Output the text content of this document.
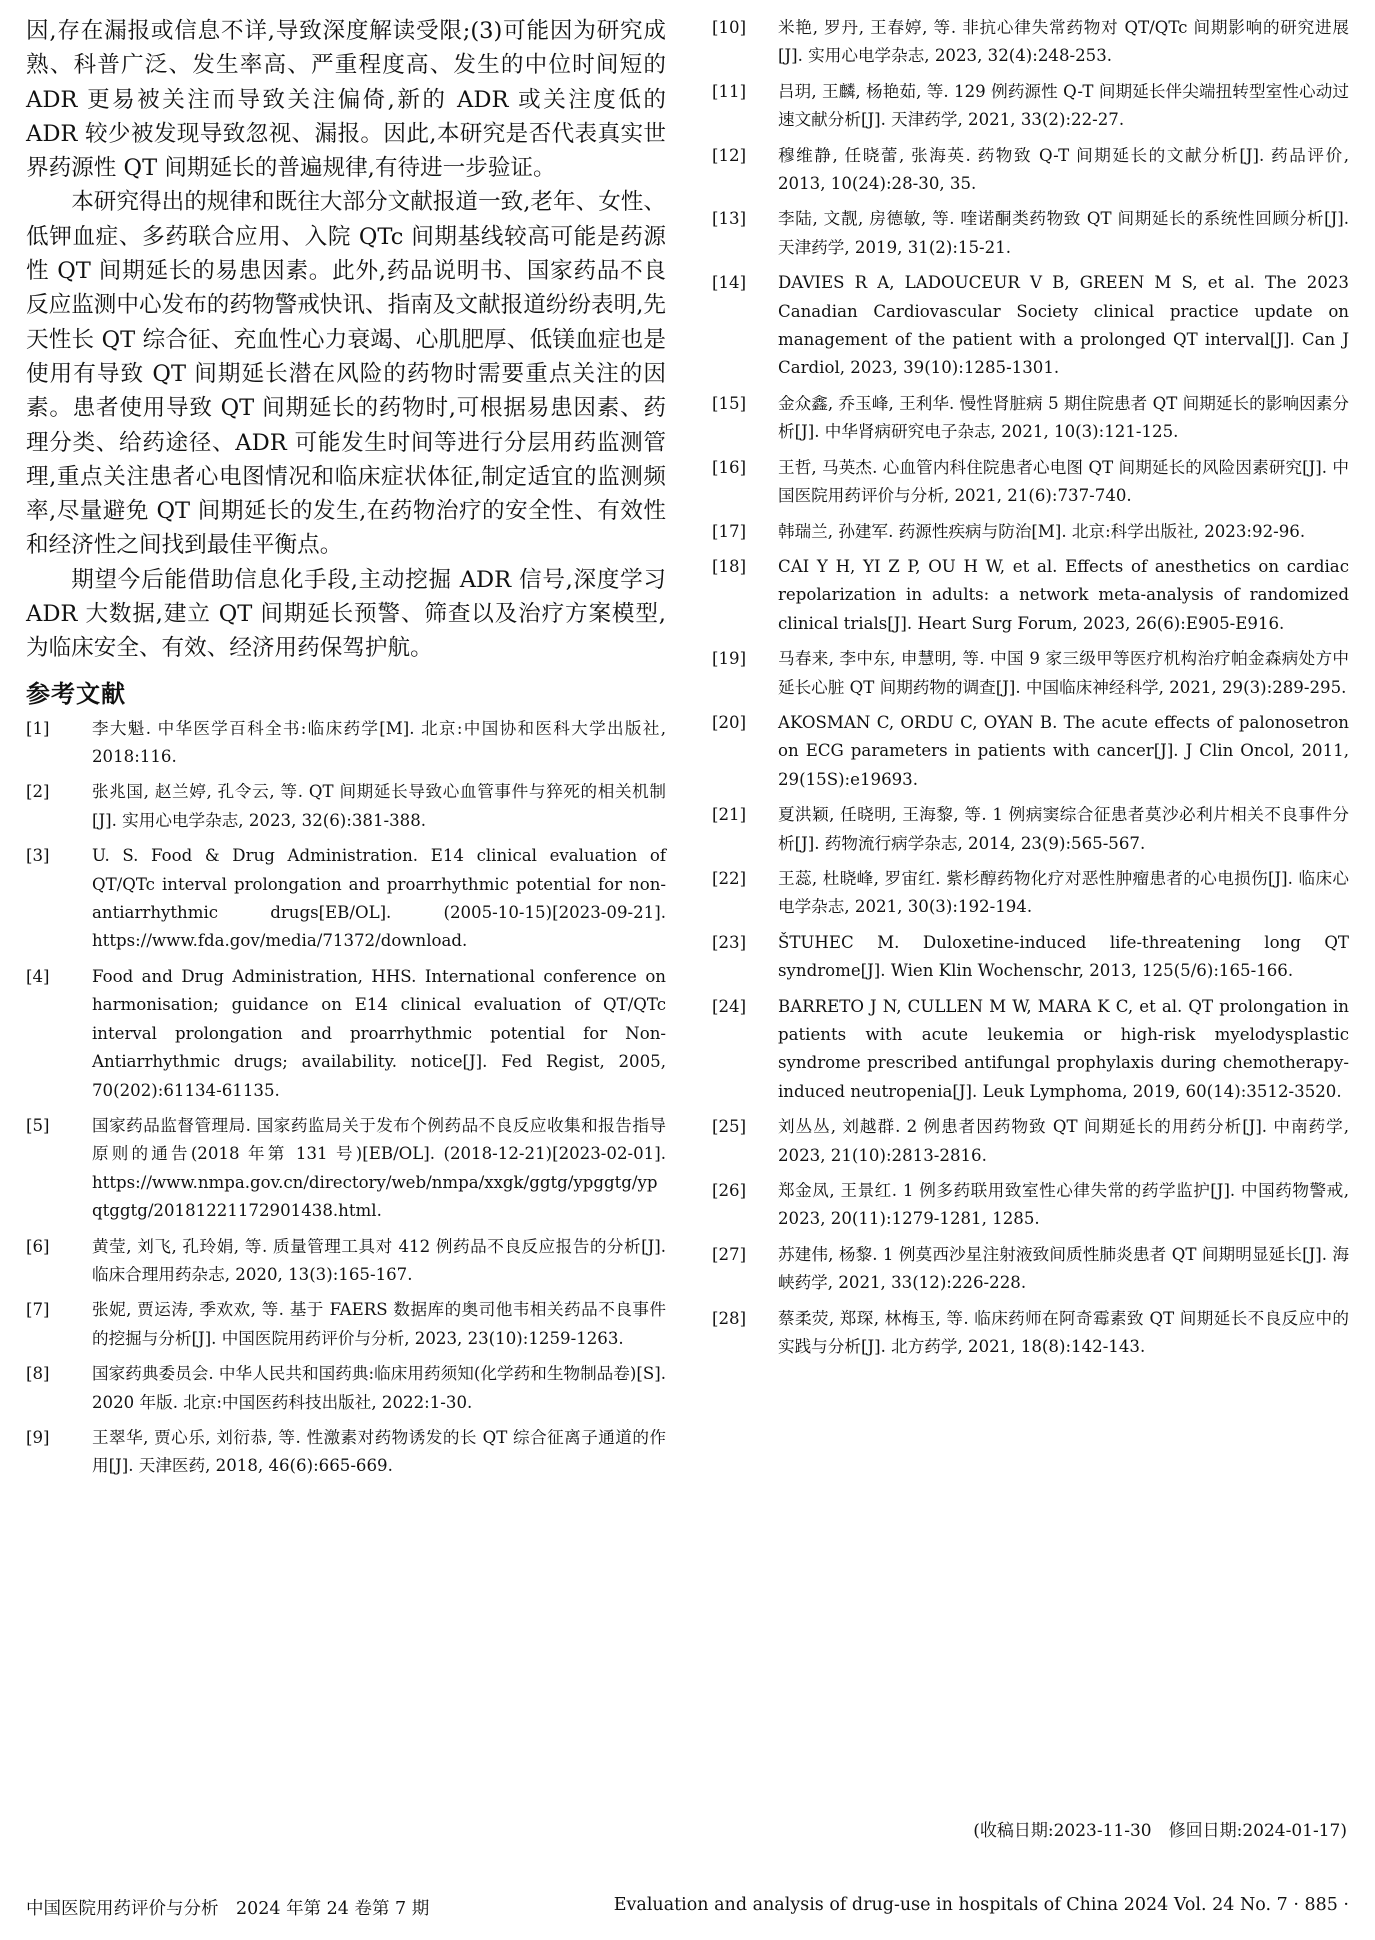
因,存在漏报或信息不详,导致深度解读受限;(3)可能因为研究成熟、科普广泛、发生率高、严重程度高、发生的中位时间短的 ADR 更易被关注而导致关注偏倚,新的 ADR 或关注度低的 ADR 较少被发现导致忽视、漏报。因此,本研究是否代表真实世界药源性 QT 间期延长的普遍规律,有待进一步验证。

本研究得出的规律和既往大部分文献报道一致,老年、女性、低钾血症、多药联合应用、入院 QTc 间期基线较高可能是药源性 QT 间期延长的易患因素。此外,药品说明书、国家药品不良反应监测中心发布的药物警戒快讯、指南及文献报道纷纷表明,先天性长 QT 综合征、充血性心力衰竭、心肌肥厚、低镁血症也是使用有导致 QT 间期延长潜在风险的药物时需要重点关注的因素。患者使用导致 QT 间期延长的药物时,可根据易患因素、药理分类、给药途径、ADR 可能发生时间等进行分层用药监测管理,重点关注患者心电图情况和临床症状体征,制定适宜的监测频率,尽量避免 QT 间期延长的发生,在药物治疗的安全性、有效性和经济性之间找到最佳平衡点。

期望今后能借助信息化手段,主动挖掘 ADR 信号,深度学习 ADR 大数据,建立 QT 间期延长预警、筛查以及治疗方案模型,为临床安全、有效、经济用药保驾护航。

参考文献
[1]	李大魁. 中华医学百科全书:临床药学[M]. 北京:中国协和医科大学出版社, 2018:116.
[2]	张兆国, 赵兰婷, 孔令云, 等. QT 间期延长导致心血管事件与猝死的相关机制[J]. 实用心电学杂志, 2023, 32(6):381-388.
[3]	U. S. Food & Drug Administration. E14 clinical evaluation of QT/QTc interval prolongation and proarrhythmic potential for non-antiarrhythmic drugs[EB/OL]. (2005-10-15)[2023-09-21]. https://www.fda.gov/media/71372/download.
[4]	Food and Drug Administration, HHS. International conference on harmonisation; guidance on E14 clinical evaluation of QT/QTc interval prolongation and proarrhythmic potential for Non-Antiarrhythmic drugs; availability. notice[J]. Fed Regist, 2005, 70(202):61134-61135.
[5]	国家药品监督管理局. 国家药监局关于发布个例药品不良反应收集和报告指导原则的通告(2018 年第 131 号)[EB/OL]. (2018-12-21)[2023-02-01]. https://www.nmpa.gov.cn/directory/web/nmpa/xxgk/ggtg/ypggtg/ypqtggtg/20181221172901438.html.
[6]	黄莹, 刘飞, 孔玲娟, 等. 质量管理工具对 412 例药品不良反应报告的分析[J]. 临床合理用药杂志, 2020, 13(3):165-167.
[7]	张妮, 贾运涛, 季欢欢, 等. 基于 FAERS 数据库的奥司他韦相关药品不良事件的挖掘与分析[J]. 中国医院用药评价与分析, 2023, 23(10):1259-1263.
[8]	国家药典委员会. 中华人民共和国药典:临床用药须知(化学药和生物制品卷)[S]. 2020 年版. 北京:中国医药科技出版社, 2022:1-30.
[9]	王翠华, 贾心乐, 刘衍恭, 等. 性激素对药物诱发的长 QT 综合征离子通道的作用[J]. 天津医药, 2018, 46(6):665-669.
[10]	米艳, 罗丹, 王春婷, 等. 非抗心律失常药物对 QT/QTc 间期影响的研究进展[J]. 实用心电学杂志, 2023, 32(4):248-253.
[11]	吕玥, 王麟, 杨艳茹, 等. 129 例药源性 Q-T 间期延长伴尖端扭转型室性心动过速文献分析[J]. 天津药学, 2021, 33(2):22-27.
[12]	穆维静, 任晓蕾, 张海英. 药物致 Q-T 间期延长的文献分析[J]. 药品评价, 2013, 10(24):28-30, 35.
[13]	李陆, 文靓, 房德敏, 等. 喹诺酮类药物致 QT 间期延长的系统性回顾分析[J]. 天津药学, 2019, 31(2):15-21.
[14]	DAVIES R A, LADOUCEUR V B, GREEN M S, et al. The 2023 Canadian Cardiovascular Society clinical practice update on management of the patient with a prolonged QT interval[J]. Can J Cardiol, 2023, 39(10):1285-1301.
[15]	金众鑫, 乔玉峰, 王利华. 慢性肾脏病 5 期住院患者 QT 间期延长的影响因素分析[J]. 中华肾病研究电子杂志, 2021, 10(3):121-125.
[16]	王哲, 马英杰. 心血管内科住院患者心电图 QT 间期延长的风险因素研究[J]. 中国医院用药评价与分析, 2021, 21(6):737-740.
[17]	韩瑞兰, 孙建军. 药源性疾病与防治[M]. 北京:科学出版社, 2023:92-96.
[18]	CAI Y H, YI Z P, OU H W, et al. Effects of anesthetics on cardiac repolarization in adults: a network meta-analysis of randomized clinical trials[J]. Heart Surg Forum, 2023, 26(6):E905-E916.
[19]	马春来, 李中东, 申慧明, 等. 中国 9 家三级甲等医疗机构治疗帕金森病处方中延长心脏 QT 间期药物的调查[J]. 中国临床神经科学, 2021, 29(3):289-295.
[20]	AKOSMAN C, ORDU C, OYAN B. The acute effects of palonosetron on ECG parameters in patients with cancer[J]. J Clin Oncol, 2011, 29(15S):e19693.
[21]	夏洪颖, 任晓明, 王海黎, 等. 1 例病窦综合征患者莫沙必利片相关不良事件分析[J]. 药物流行病学杂志, 2014, 23(9):565-567.
[22]	王蕊, 杜晓峰, 罗宙红. 紫杉醇药物化疗对恶性肿瘤患者的心电损伤[J]. 临床心电学杂志, 2021, 30(3):192-194.
[23]	ŠTUHEC M. Duloxetine-induced life-threatening long QT syndrome[J]. Wien Klin Wochenschr, 2013, 125(5/6):165-166.
[24]	BARRETO J N, CULLEN M W, MARA K C, et al. QT prolongation in patients with acute leukemia or high-risk myelodysplastic syndrome prescribed antifungal prophylaxis during chemotherapy-induced neutropenia[J]. Leuk Lymphoma, 2019, 60(14):3512-3520.
[25]	刘丛丛, 刘越群. 2 例患者因药物致 QT 间期延长的用药分析[J]. 中南药学, 2023, 21(10):2813-2816.
[26]	郑金凤, 王景红. 1 例多药联用致室性心律失常的药学监护[J]. 中国药物警戒, 2023, 20(11):1279-1281, 1285.
[27]	苏建伟, 杨黎. 1 例莫西沙星注射液致间质性肺炎患者 QT 间期明显延长[J]. 海峡药学, 2021, 33(12):226-228.
[28]	蔡柔荧, 郑琛, 林梅玉, 等. 临床药师在阿奇霉素致 QT 间期延长不良反应中的实践与分析[J]. 北方药学, 2021, 18(8):142-143.
(收稿日期:2023-11-30　修回日期:2024-01-17)
中国医院用药评价与分析　2024 年第 24 卷第 7 期	Evaluation and analysis of drug-use in hospitals of China 2024 Vol. 24 No. 7 · 885 ·
